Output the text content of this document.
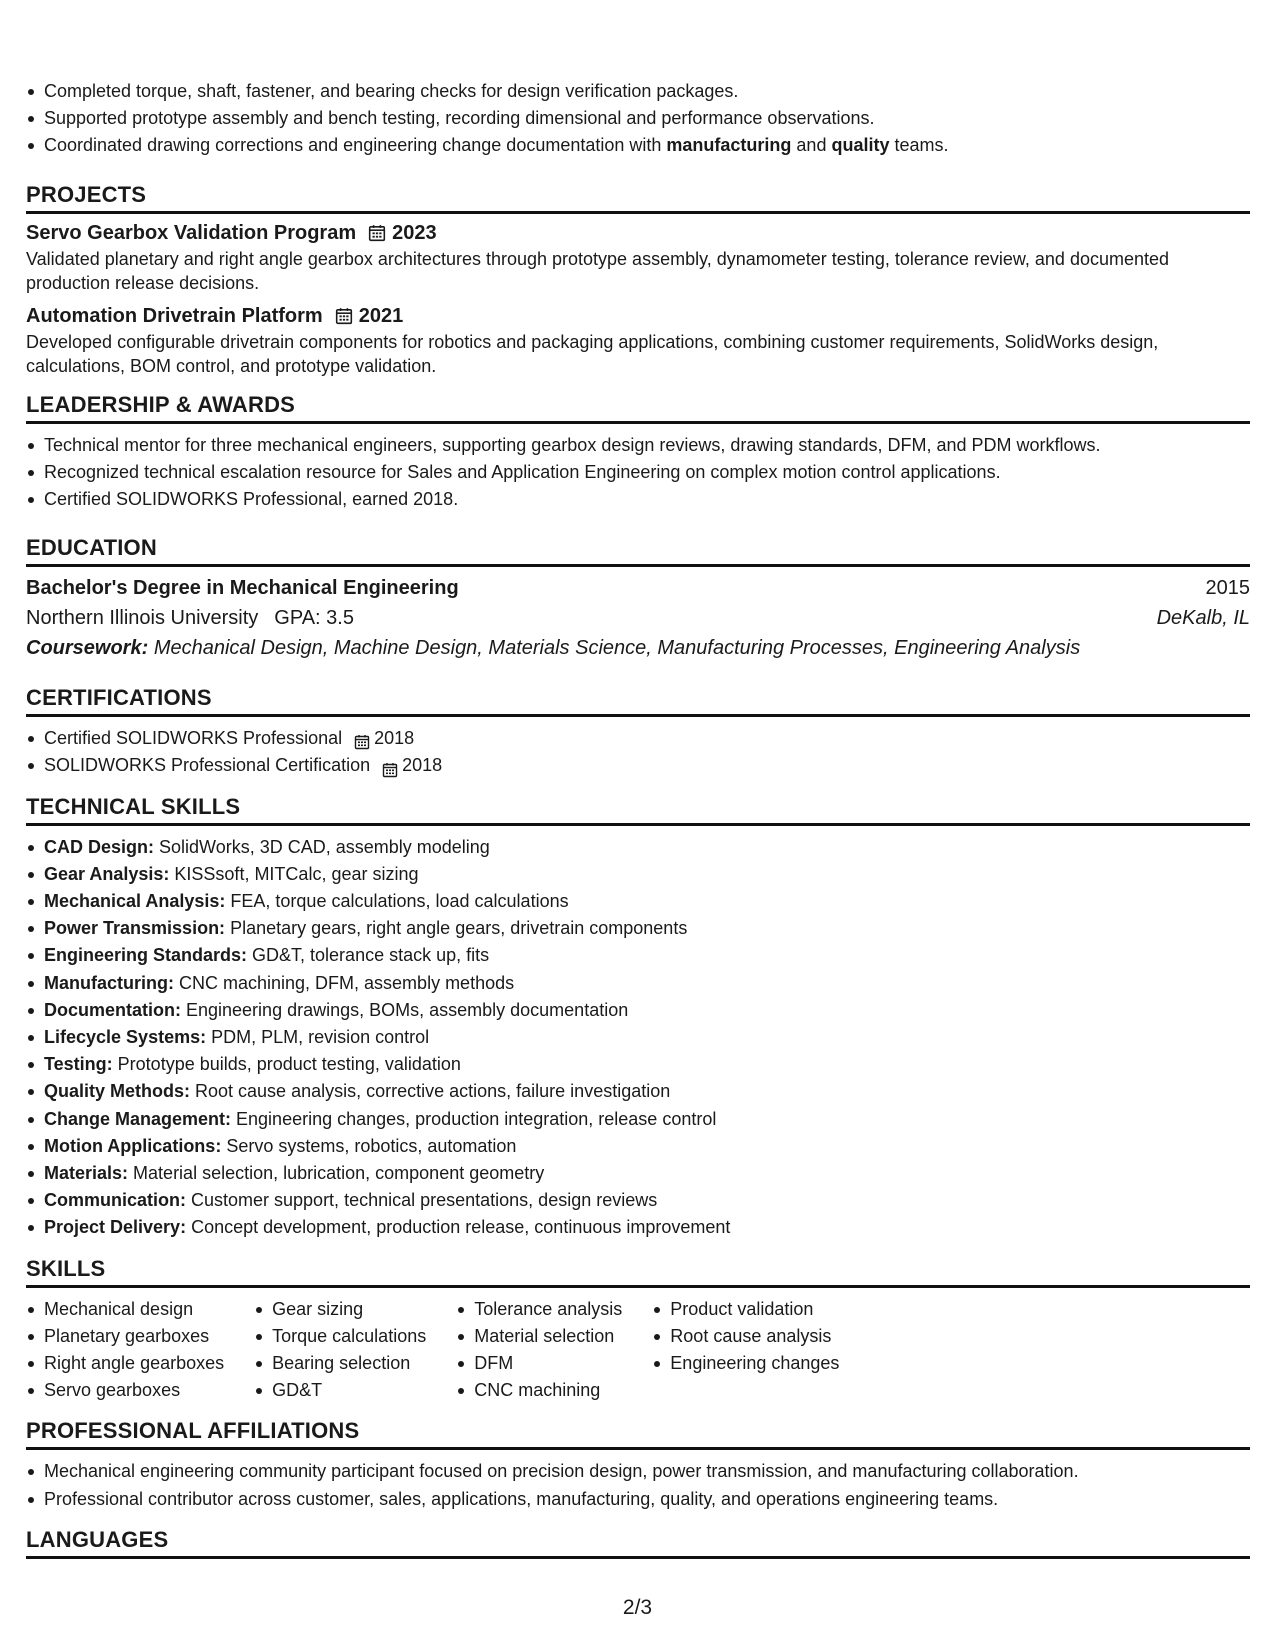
Completed torque, shaft, fastener, and bearing checks for design verification packages.
Supported prototype assembly and bench testing, recording dimensional and performance observations.
Coordinated drawing corrections and engineering change documentation with manufacturing and quality teams.
PROJECTS
Servo Gearbox Validation Program 2023
Validated planetary and right angle gearbox architectures through prototype assembly, dynamometer testing, tolerance review, and documented production release decisions.
Automation Drivetrain Platform 2021
Developed configurable drivetrain components for robotics and packaging applications, combining customer requirements, SolidWorks design, calculations, BOM control, and prototype validation.
LEADERSHIP & AWARDS
Technical mentor for three mechanical engineers, supporting gearbox design reviews, drawing standards, DFM, and PDM workflows.
Recognized technical escalation resource for Sales and Application Engineering on complex motion control applications.
Certified SOLIDWORKS Professional, earned 2018.
EDUCATION
Bachelor's Degree in Mechanical Engineering	2015
Northern Illinois University GPA: 3.5	DeKalb, IL
Coursework: Mechanical Design, Machine Design, Materials Science, Manufacturing Processes, Engineering Analysis
CERTIFICATIONS
Certified SOLIDWORKS Professional 2018
SOLIDWORKS Professional Certification 2018
TECHNICAL SKILLS
CAD Design: SolidWorks, 3D CAD, assembly modeling
Gear Analysis: KISSsoft, MITCalc, gear sizing
Mechanical Analysis: FEA, torque calculations, load calculations
Power Transmission: Planetary gears, right angle gears, drivetrain components
Engineering Standards: GD&T, tolerance stack up, fits
Manufacturing: CNC machining, DFM, assembly methods
Documentation: Engineering drawings, BOMs, assembly documentation
Lifecycle Systems: PDM, PLM, revision control
Testing: Prototype builds, product testing, validation
Quality Methods: Root cause analysis, corrective actions, failure investigation
Change Management: Engineering changes, production integration, release control
Motion Applications: Servo systems, robotics, automation
Materials: Material selection, lubrication, component geometry
Communication: Customer support, technical presentations, design reviews
Project Delivery: Concept development, production release, continuous improvement
SKILLS
Mechanical design
Planetary gearboxes
Right angle gearboxes
Servo gearboxes
Gear sizing
Torque calculations
Bearing selection
GD&T
Tolerance analysis
Material selection
DFM
CNC machining
Product validation
Root cause analysis
Engineering changes
PROFESSIONAL AFFILIATIONS
Mechanical engineering community participant focused on precision design, power transmission, and manufacturing collaboration.
Professional contributor across customer, sales, applications, manufacturing, quality, and operations engineering teams.
LANGUAGES
2/3
